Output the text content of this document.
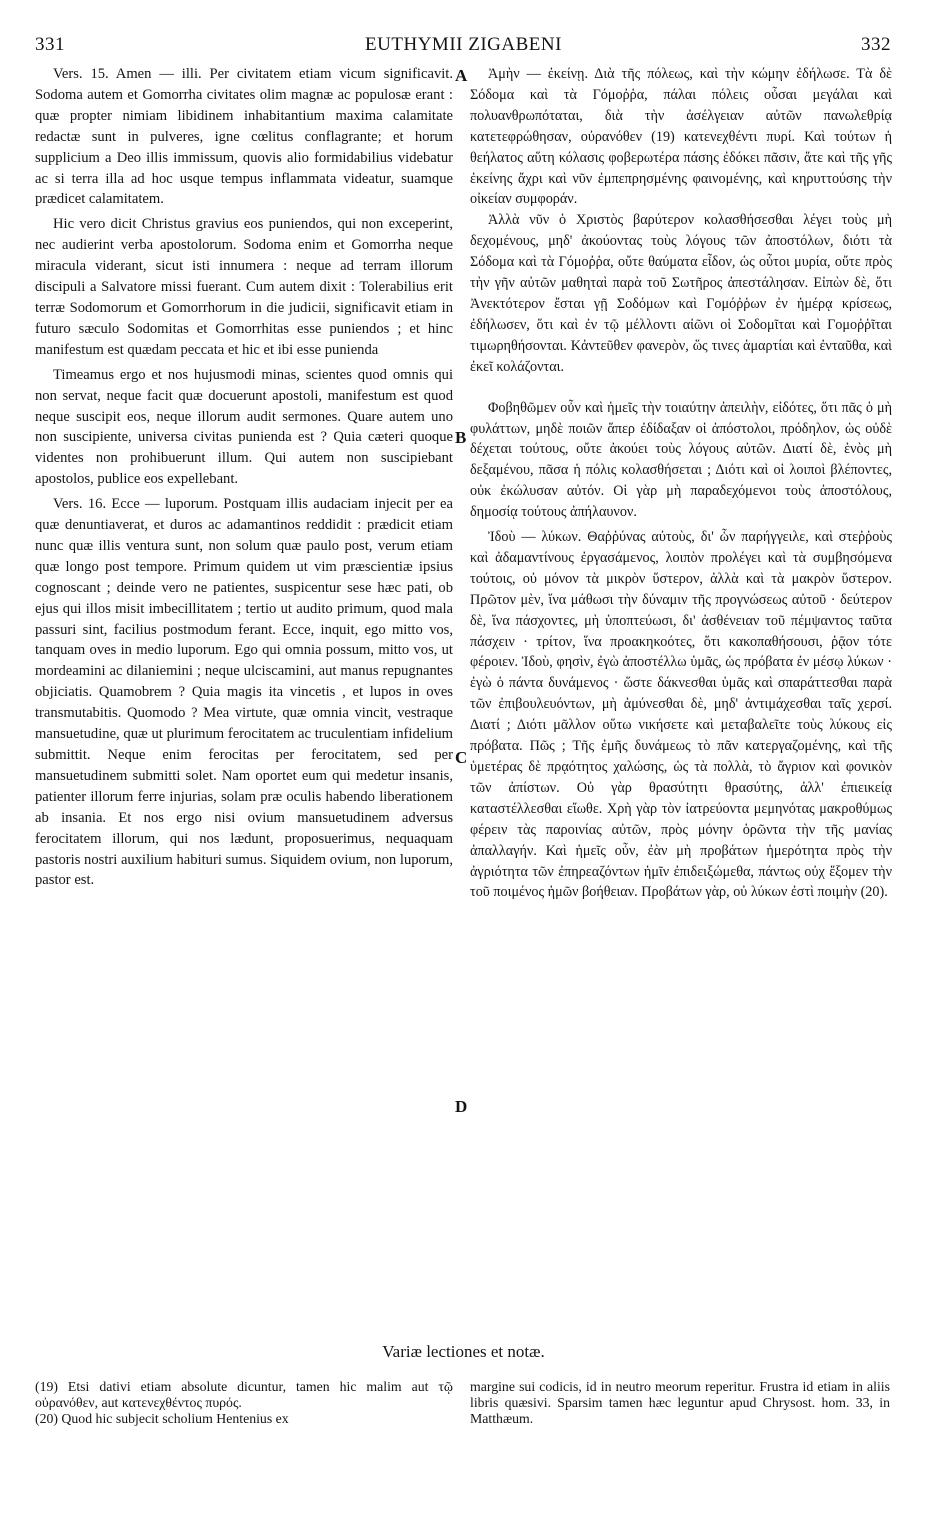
331	EUTHYMII ZIGABENI	332

Vers. 15. Amen — illi. Per civitatem etiam vicum significavit. Sodoma autem et Gomorrha civitates olim magnæ ac populosæ erant : quæ propter nimiam libidinem inhabitantium maxima calamitate redactæ sunt in pulveres, igne cœlitus conflagrante; et horum supplicium a Deo illis immissum, quovis alio formidabilius videbatur ac si terra illa ad hoc usque tempus inflammata videatur, suamque prædicet calamitatem.

Hic vero dicit Christus gravius eos puniendos, qui non exceperint, nec audierint verba apostolorum. Sodoma enim et Gomorrha neque miracula viderant, sicut isti innumera : neque ad terram illorum discipuli a Salvatore missi fuerant. Cum autem dixit : Tolerabilius erit terræ Sodomorum et Gomorrhorum in die judicii, significavit etiam in futuro sæculo Sodomitas et Gomorrhitas esse puniendos ; et hinc manifestum est quædam peccata et hic et ibi esse punienda

Timeamus ergo et nos hujusmodi minas, scientes quod omnis qui non servat, neque facit quæ docuerunt apostoli, manifestum est quod neque suscipit eos, neque illorum audit sermones. Quare autem uno non suscipiente, universa civitas punienda est ? Quia cæteri quoque videntes non prohibuerunt illum. Qui autem non suscipiebant apostolos, publice eos expellebant.

Vers. 16. Ecce — luporum. Postquam illis audaciam injecit per ea quæ denuntiaverat, et duros ac adamantinos reddidit : prædicit etiam nunc quæ illis ventura sunt, non solum quæ paulo post, verum etiam quæ longo post tempore. Primum quidem ut vim præscientiæ ipsius cognoscant ; deinde vero ne patientes, suspicentur sese hæc pati, ob ejus qui illos misit imbecillitatem ; tertio ut audito primum, quod mala passuri sint, facilius postmodum ferant. Ecce, inquit, ego mitto vos, tanquam oves in medio luporum. Ego qui omnia possum, mitto vos, ut mordeamini ac dilaniemini ; neque ulciscamini, aut manus repugnantes objiciatis. Quamobrem ? Quia magis ita vincetis , et lupos in oves transmutabitis. Quomodo ? Mea virtute, quæ omnia vincit, vestraque mansuetudine, quæ ut plurimum ferocitatem ac truculentiam infidelium submittit. Neque enim ferocitas per ferocitatem, sed per mansuetudinem submitti solet. Nam oportet eum qui medetur insanis, patienter illorum ferre injurias, solam præ oculis habendo liberationem ab insania. Et nos ergo nisi ovium mansuetudinem adversus ferocitatem illorum, qui nos lædunt, proposuerimus, nequaquam pastoris nostri auxilium habituri sumus. Siquidem ovium, non luporum, pastor est.

A
B
C
D

Ἀμὴν — ἐκείνῃ. Διὰ τῆς πόλεως, καὶ τὴν κώμην ἐδήλωσε. Τὰ δὲ Σόδομα καὶ τὰ Γόμοῤῥα, πάλαι πόλεις οὖσαι μεγάλαι καὶ πολυανθρωπόταται, διὰ τὴν ἀσέλγειαν αὐτῶν πανωλεθρίᾳ κατετεφρώθησαν, οὐρανόθεν (19) κατενεχθέντι πυρί. Καὶ τούτων ἡ θεήλατος αὕτη κόλασις φοβερωτέρα πάσης ἐδόκει πᾶσιν, ἅτε καὶ τῆς γῆς ἐκείνης ἄχρι καὶ νῦν ἐμπεπρησμένης φαινομένης, καὶ κηρυττούσης τὴν οἰκείαν συμφοράν.

Ἀλλὰ νῦν ὁ Χριστὸς βαρύτερον κολασθήσεσθαι λέγει τοὺς μὴ δεχομένους, μηδ' ἀκούοντας τοὺς λόγους τῶν ἀποστόλων, διότι τὰ Σόδομα καὶ τὰ Γόμοῤῥα, οὔτε θαύματα εἶδον, ὡς οὗτοι μυρία, οὔτε πρὸς τὴν γῆν αὐτῶν μαθηταὶ παρὰ τοῦ Σωτῆρος ἀπεστάλησαν. Εἰπὼν δὲ, ὅτι Ἀνεκτότερον ἔσται γῇ Σοδόμων καὶ Γομόῤῥων ἐν ἡμέρᾳ κρίσεως, ἐδήλωσεν, ὅτι καὶ ἐν τῷ μέλλοντι αἰῶνι οἱ Σοδομῖται καὶ Γομοῤῥῖται τιμωρηθήσονται. Κἀντεῦθεν φανερὸν, ὥς τινες ἁμαρτίαι καὶ ἐνταῦθα, καὶ ἐκεῖ κολάζονται.

Φοβηθῶμεν οὖν καὶ ἡμεῖς τὴν τοιαύτην ἀπειλὴν, εἰδότες, ὅτι πᾶς ὁ μὴ φυλάττων, μηδὲ ποιῶν ἅπερ ἐδίδαξαν οἱ ἀπόστολοι, πρόδηλον, ὡς οὐδὲ δέχεται τούτους, οὔτε ἀκούει τοὺς λόγους αὐτῶν. Διατί δὲ, ἑνὸς μὴ δεξαμένου, πᾶσα ἡ πόλις κολασθήσεται ; Διότι καὶ οἱ λοιποὶ βλέποντες, οὐκ ἐκώλυσαν αὐτόν. Οἱ γὰρ μὴ παραδεχόμενοι τοὺς ἀποστόλους, δημοσίᾳ τούτους ἀπήλαυνον.

Ἰδοὺ — λύκων. Θαῤῥύνας αὐτοὺς, δι' ὧν παρήγγειλε, καὶ στεῤῥοὺς καὶ ἀδαμαντίνους ἐργασάμενος, λοιπὸν προλέγει καὶ τὰ συμβησόμενα τούτοις, οὐ μόνον τὰ μικρὸν ὕστερον, ἀλλὰ καὶ τὰ μακρὸν ὕστερον. Πρῶτον μὲν, ἵνα μάθωσι τὴν δύναμιν τῆς προγνώσεως αὐτοῦ · δεύτερον δὲ, ἵνα πάσχοντες, μὴ ὑποπτεύωσι, δι' ἀσθένειαν τοῦ πέμψαντος ταῦτα πάσχειν · τρίτον, ἵνα προακηκοότες, ὅτι κακοπαθήσουσι, ῥᾷον τότε φέροιεν. Ἰδοὺ, φησὶν, ἐγὼ ἀποστέλλω ὑμᾶς, ὡς πρόβατα ἐν μέσῳ λύκων · ἐγὼ ὁ πάντα δυνάμενος · ὥστε δάκνεσθαι ὑμᾶς καὶ σπαράττεσθαι παρὰ τῶν ἐπιβουλευόντων, μὴ ἀμύνεσθαι δὲ, μηδ' ἀντιμάχεσθαι ταῖς χερσί. Διατί ; Διότι μᾶλλον οὕτω νικήσετε καὶ μεταβαλεῖτε τοὺς λύκους εἰς πρόβατα. Πῶς ; Τῆς ἐμῆς δυνάμεως τὸ πᾶν κατεργαζομένης, καὶ τῆς ὑμετέρας δὲ πρᾳότητος χαλώσης, ὡς τὰ πολλὰ, τὸ ἄγριον καὶ φονικὸν τῶν ἀπίστων. Οὐ γὰρ θρασύτητι θρασύτης, ἀλλ' ἐπιεικείᾳ καταστέλλεσθαι εἴωθε. Χρὴ γὰρ τὸν ἰατρεύοντα μεμηνότας μακροθύμως φέρειν τὰς παροινίας αὐτῶν, πρὸς μόνην ὁρῶντα τὴν τῆς μανίας ἀπαλλαγήν. Καὶ ἡμεῖς οὖν, ἐὰν μὴ προβάτων ἡμερότητα πρὸς τὴν ἀγριότητα τῶν ἐπηρεαζόντων ἡμῖν ἐπιδειξώμεθα, πάντως οὐχ ἕξομεν τὴν τοῦ ποιμένος ἡμῶν βοήθειαν. Προβάτων γὰρ, οὐ λύκων ἐστὶ ποιμὴν (20).

Variæ lectiones et notæ.

(19) Etsi dativi etiam absolute dicuntur, tamen hic malim aut τῷ οὐρανόθεν, aut κατενεχθέντος πυρός.

(20) Quod hic subjecit scholium Hentenius ex

margine sui codicis, id in neutro meorum reperitur. Frustra id etiam in aliis libris quæsivi. Sparsim tamen hæc leguntur apud Chrysost. hom. 33, in Matthæum.
